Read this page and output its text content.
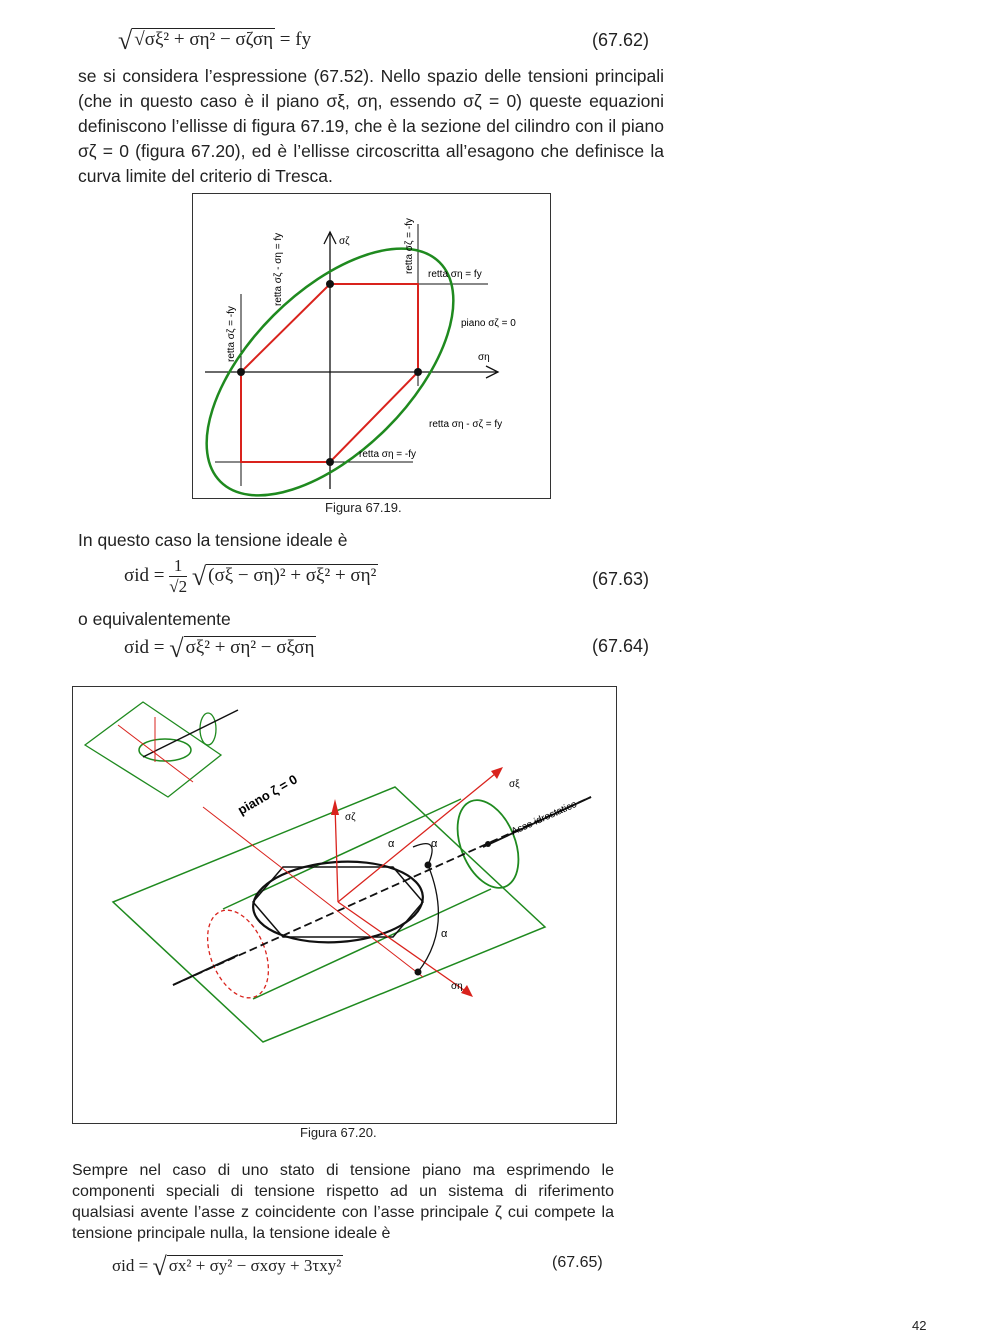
√ √σξ² + ση² − σζση = fy	(67.62)
se si considera l’espressione (67.52). Nello spazio delle tensioni principali (che in questo caso è il piano σξ, ση, essendo σζ = 0) queste equazioni definiscono l’ellisse di figura 67.19, che è la sezione del cilindro con il piano σζ = 0 (figura 67.20), ed è l’ellisse circoscritta all’esagono che definisce la curva limite del criterio di Tresca.
σζ
ση
retta σζ - ση = fy	retta σζ = -fy
retta σζ = -fy
retta ση = fy
piano σζ = 0
retta ση - σζ = fy
retta ση = -fy
Figura 67.19.
In questo caso la tensione ideale è
$\sigma id = \frac{1}{√2}$ √ (σξ − ση)² + σξ² + ση²	(67.63)
o equivalentemente
σid = √ σξ² + ση² − σξση	(67.64)
piano ζ = 0	σζ
σξ
ση
Asse idrostatico
α	α
α
Figura 67.20.
Sempre nel caso di uno stato di tensione piano ma esprimendo le componenti speciali di tensione rispetto ad un sistema di riferimento qualsiasi avente l’asse z coincidente con l’asse principale ζ cui compete la tensione principale nulla, la tensione ideale è
σid = √ σx² + σy² − σxσy + 3τxy²	(67.65)
42
